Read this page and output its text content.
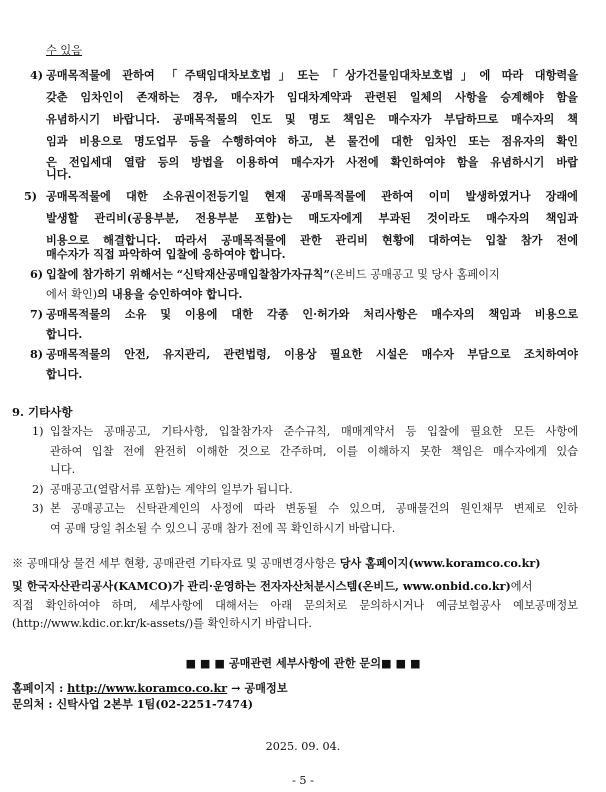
수 있음
4) 공매목적물에 관하여 「주택임대차보호법」또는「상가건물임대차보호법」에 따라 대항력을
갖춘 임차인이 존재하는 경우, 매수자가 임대차계약과 관련된 일체의 사항을 승계해야 함을
유념하시기 바랍니다. 공매목적물의 인도 및 명도 책임은 매수자가 부담하므로 매수자의 책
임과 비용으로 명도업무 등을 수행하여야 하고, 본 물건에 대한 임차인 또는 점유자의 확인
은 전입세대 열람 등의 방법을 이용하여 매수자가 사전에 확인하여야 함을 유념하시기 바랍
니다.
5) 공매목적물에 대한 소유권이전등기일 현재 공매목적물에 관하여 이미 발생하였거나 장래에
발생할 관리비(공용부분, 전용부분 포함)는 매도자에게 부과된 것이라도 매수자의 책임과
비용으로 해결합니다. 따라서 공매목적물에 관한 관리비 현황에 대하여는 입찰 참가 전에
매수자가 직접 파악하여 입찰에 응하여야 합니다.
6) 입찰에 참가하기 위해서는 “신탁재산공매입찰참가자규칙”(온비드 공매공고 및 당사 홈페이지
에서 확인)의 내용을 승인하여야 합니다.
7) 공매목적물의 소유 및 이용에 대한 각종 인·허가와 처리사항은 매수자의 책임과 비용으로
합니다.
8) 공매목적물의 안전, 유지관리, 관련법령, 이용상 필요한 시설은 매수자 부담으로 조치하여야
합니다.
9. 기타사항
1) 입찰자는 공매공고, 기타사항, 입찰참가자 준수규칙, 매매계약서 등 입찰에 필요한 모든 사항에
관하여 입찰 전에 완전히 이해한 것으로 간주하며, 이를 이해하지 못한 책임은 매수자에게 있습
니다.
2) 공매공고(열람서류 포함)는 계약의 일부가 됩니다.
3) 본 공매공고는 신탁관계인의 사정에 따라 변동될 수 있으며, 공매물건의 원인채무 변제로 인하
여 공매 당일 취소될 수 있으니 공매 참가 전에 꼭 확인하시기 바랍니다.
※ 공매대상 물건 세부 현황, 공매관련 기타자료 및 공매변경사항은 당사 홈페이지(www.koramco.co.kr)
및 한국자산관리공사(KAMCO)가 관리·운영하는 전자자산처분시스템(온비드, www.onbid.co.kr)에서
직접 확인하여야 하며, 세부사항에 대해서는 아래 문의처로 문의하시거나 예금보험공사 예보공매정보
(http://www.kdic.or.kr/k-assets/)를 확인하시기 바랍니다.
■ ■ ■ 공매관련 세부사항에 관한 문의■ ■ ■
홈페이지 : http://www.koramco.co.kr → 공매정보
문의처 : 신탁사업 2본부 1팀(02-2251-7474)
2025. 09. 04.
- 5 -
